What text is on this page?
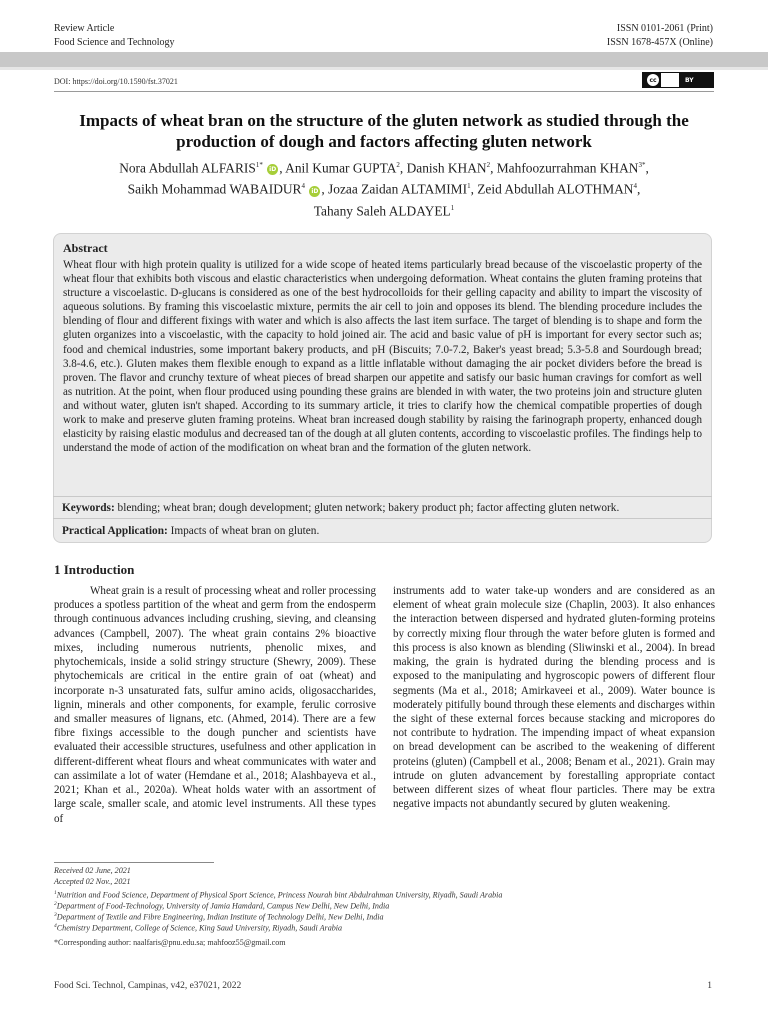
Review Article
Food Science and Technology
ISSN 0101-2061 (Print)
ISSN 1678-457X (Online)
DOI: https://doi.org/10.1590/fst.37021	cc	BY
Impacts of wheat bran on the structure of the gluten network as studied through the production of dough and factors affecting gluten network
Nora Abdullah $ALFARIS^{1*}$ iD , Anil Kumar GUPTA$^2$, Danish KHAN$^2$, Mahfoozurrahman $KHAN^{3*}$,
Saikh Mohammad WABAIDUR$^4$ iD , Jozaa Zaidan ALTAMIMI$^1$, Zeid Abdullah ALOTHMAN$^4$,
Tahany Saleh ALDAYEL$^1$
Abstract

Wheat flour with high protein quality is utilized for a wide scope of heated items particularly bread because of the viscoelastic property of the wheat flour that exhibits both viscous and elastic characteristics when undergoing deformation. Wheat contains the gluten framing proteins that structure a viscoelastic. D-glucans is considered as one of the best hydrocolloids for their gelling capacity and ability to impart the viscosity of aqueous solutions. By framing this viscoelastic mixture, permits the air cell to join and opposes its blend. The blending procedure includes the blending of flour and different fixings with water and which is also affects the last item surface. The target of blending is to shape and form the gluten organizes into a viscoelastic, with the capacity to hold joined air. The acid and basic value of pH is important for every sector such as; food and chemical industries, some important bakery products, and pH (Biscuits; 7.0-7.2, Baker's yeast bread; 5.3-5.8 and Sourdough bread; 3.8-4.6, etc.). Gluten makes them flexible enough to expand as a little inflatable without damaging the air pocket dividers before the bread is proven. The flavor and crunchy texture of wheat pieces of bread sharpen our appetite and satisfy our basic human cravings for comfort as well as nutrition. At the point, when flour produced using pounding these grains are blended in with water, the two proteins join and structure gluten and without water, gluten isn't shaped. According to its summary article, it tries to clarify how the chemical compatible properties of dough work to make and preserve gluten framing proteins. Wheat bran increased dough stability by raising the farinograph property, enhanced dough elasticity by raising elastic modulus and decreased tan of the dough at all gluten contents, according to viscoelastic profiles. The findings help to understand the mode of action of the modification on wheat bran and the formation of the gluten network.

Keywords: blending; wheat bran; dough development; gluten network; bakery product ph; factor affecting gluten network.
Practical Application: Impacts of wheat bran on gluten.
1 Introduction
Wheat grain is a result of processing wheat and roller processing produces a spotless partition of the wheat and germ from the endosperm through continuous advances including crushing, sieving, and cleansing advances (Campbell, 2007). The wheat grain contains 2% bioactive mixes, including numerous nutrients, phenolic mixes, and phytochemicals, inside a solid stringy structure (Shewry, 2009). These phytochemicals are critical in the entire grain of oat (wheat) and incorporate n-3 unsaturated fats, sulfur amino acids, oligosaccharides, lignin, minerals and other components, for example, ferulic corrosive and smaller measures of lignans, etc. (Ahmed, 2014). There are a few fibre fixings accessible to the dough puncher and scientists have evaluated their accessible structures, usefulness and other application in different-different wheat flours and wheat communicates with water and can assimilate a lot of water (Hemdane et al., 2018; Alashbayeva et al., 2021; Khan et al., 2020a). Wheat holds water with an assortment of large scale, smaller scale, and atomic level instruments. All these types of
instruments add to water take-up wonders and are considered as an element of wheat grain molecule size (Chaplin, 2003). It also enhances the interaction between dispersed and hydrated gluten-forming proteins by correctly mixing flour through the water before gluten is formed and this process is also known as blending (Sliwinski et al., 2004). In bread making, the grain is hydrated during the blending process and is exposed to the manipulating and hygroscopic powers of different flour segments (Ma et al., 2018; Amirkaveei et al., 2009). Water bounce is moderately pitifully bound through these elements and discharges within the sight of these external forces because stacking and micropores do not contribute to hydration. The impending impact of wheat expansion on bread development can be ascribed to the weakening of different proteins (gluten) (Campbell et al., 2008; Benam et al., 2021). Grain may intrude on gluten advancement by forestalling appropriate contact between different sizes of wheat flour particles. There may be extra negative impacts not abundantly secured by gluten weakening.
Received 02 June, 2021
Accepted 02 Nov., 2021
$^1$Nutrition and Food Science, Department of Physical Sport Science, Princess Nourah bint Abdulrahman University, Riyadh, Saudi Arabia
$^2$Department of Food-Technology, University of Jamia Hamdard, Campus New Delhi, New Delhi, India
$^3$Department of Textile and Fibre Engineering, Indian Institute of Technology Delhi, New Delhi, India
$^4$Chemistry Department, College of Science, King Saud University, Riyadh, Saudi Arabia
*Corresponding author: naalfaris@pnu.edu.sa; mahfooz55@gmail.com
Food Sci. Technol, Campinas, v42, e37021, 2022	1
